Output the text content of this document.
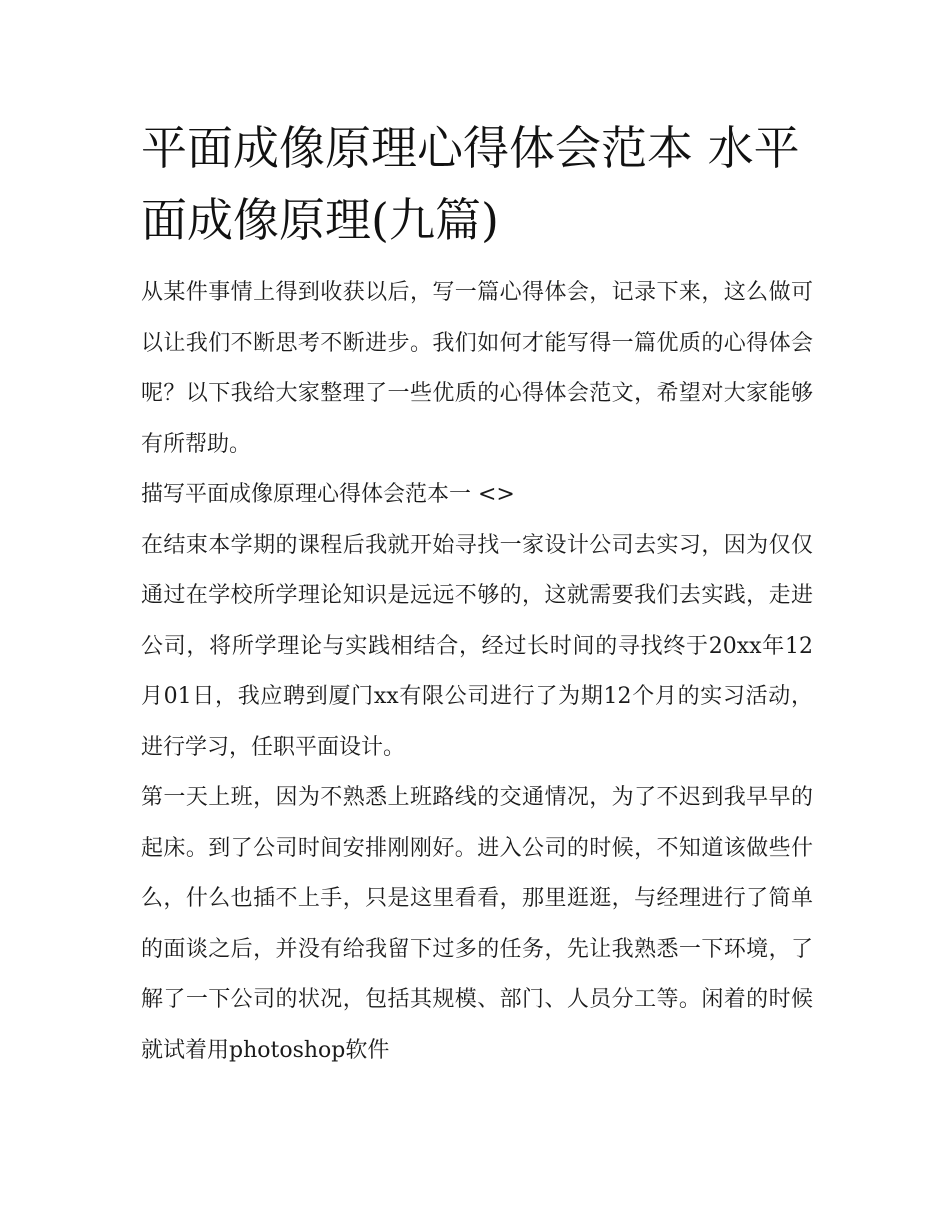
平面成像原理心得体会范本 水平面成像原理(九篇)

从某件事情上得到收获以后，写一篇心得体会，记录下来，这么做可以让我们不断思考不断进步。我们如何才能写得一篇优质的心得体会呢？以下我给大家整理了一些优质的心得体会范文，希望对大家能够有所帮助。

描写平面成像原理心得体会范本一 <>

在结束本学期的课程后我就开始寻找一家设计公司去实习，因为仅仅通过在学校所学理论知识是远远不够的，这就需要我们去实践，走进公司，将所学理论与实践相结合，经过长时间的寻找终于20xx年12月01日，我应聘到厦门xx有限公司进行了为期12个月的实习活动，进行学习，任职平面设计。

第一天上班，因为不熟悉上班路线的交通情况，为了不迟到我早早的起床。到了公司时间安排刚刚好。进入公司的时候，不知道该做些什么，什么也插不上手，只是这里看看，那里逛逛，与经理进行了简单的面谈之后，并没有给我留下过多的任务，先让我熟悉一下环境，了解了一下公司的状况，包括其规模、部门、人员分工等。闲着的时候就试着用photoshop软件
